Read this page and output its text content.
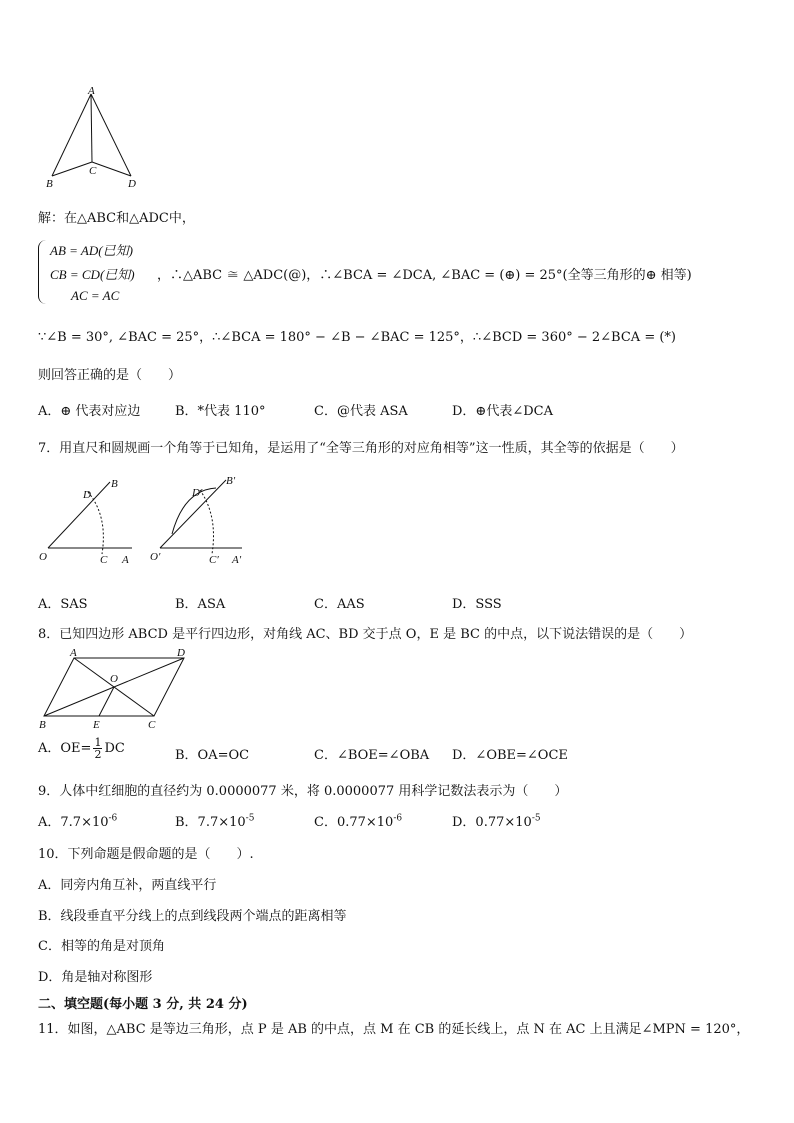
A
B
C
D
解：在△ABC和△ADC中，
AB = AD(已知)
CB = CD(已知)
AC = AC
，∴△ABC ≅ △ADC(@)，∴∠BCA = ∠DCA, ∠BAC = (⊕) = 25°(全等三角形的⊕ 相等)
∵∠B = 30°, ∠BAC = 25°，∴∠BCA = 180° − ∠B − ∠BAC = 125°，∴∠BCD = 360° − 2∠BCA = (*)
则回答正确的是（　　）
A．⊕ 代表对应边	B．*代表 110°	C．@代表 ASA	D．⊕代表∠DCA
7．用直尺和圆规画一个角等于已知角，是运用了“全等三角形的对应角相等”这一性质，其全等的依据是（　　）
D
B
O	C A
D′
B′
O′	C′ A′
A．SAS	B．ASA	C．AAS	D．SSS
8．已知四边形 ABCD 是平行四边形，对角线 AC、BD 交于点 O，E 是 BC 的中点，以下说法错误的是（　　）
A	D
O
B	E	C
A．$OE= \frac{1}{2}$ DC	B．OA=OC	C．∠BOE=∠OBA D．∠OBE=∠OCE
9．人体中红细胞的直径约为 0.0000077 米，将 0.0000077 用科学记数法表示为（　　）
A．$7.7\times 10^{-6}$	B．$7.7\times 10^{-5}$	C．$0.77\times 10^{-6}$	D．$0.77\times 10^{-5}$
10．下列命题是假命题的是（　　）.
A．同旁内角互补，两直线平行
B．线段垂直平分线上的点到线段两个端点的距离相等
C．相等的角是对顶角
D．角是轴对称图形
二、填空题(每小题 3 分, 共 24 分)
11．如图，△ABC 是等边三角形，点 P 是 AB 的中点，点 M 在 CB 的延长线上，点 N 在 AC 上且满足∠MPN = 120°，
